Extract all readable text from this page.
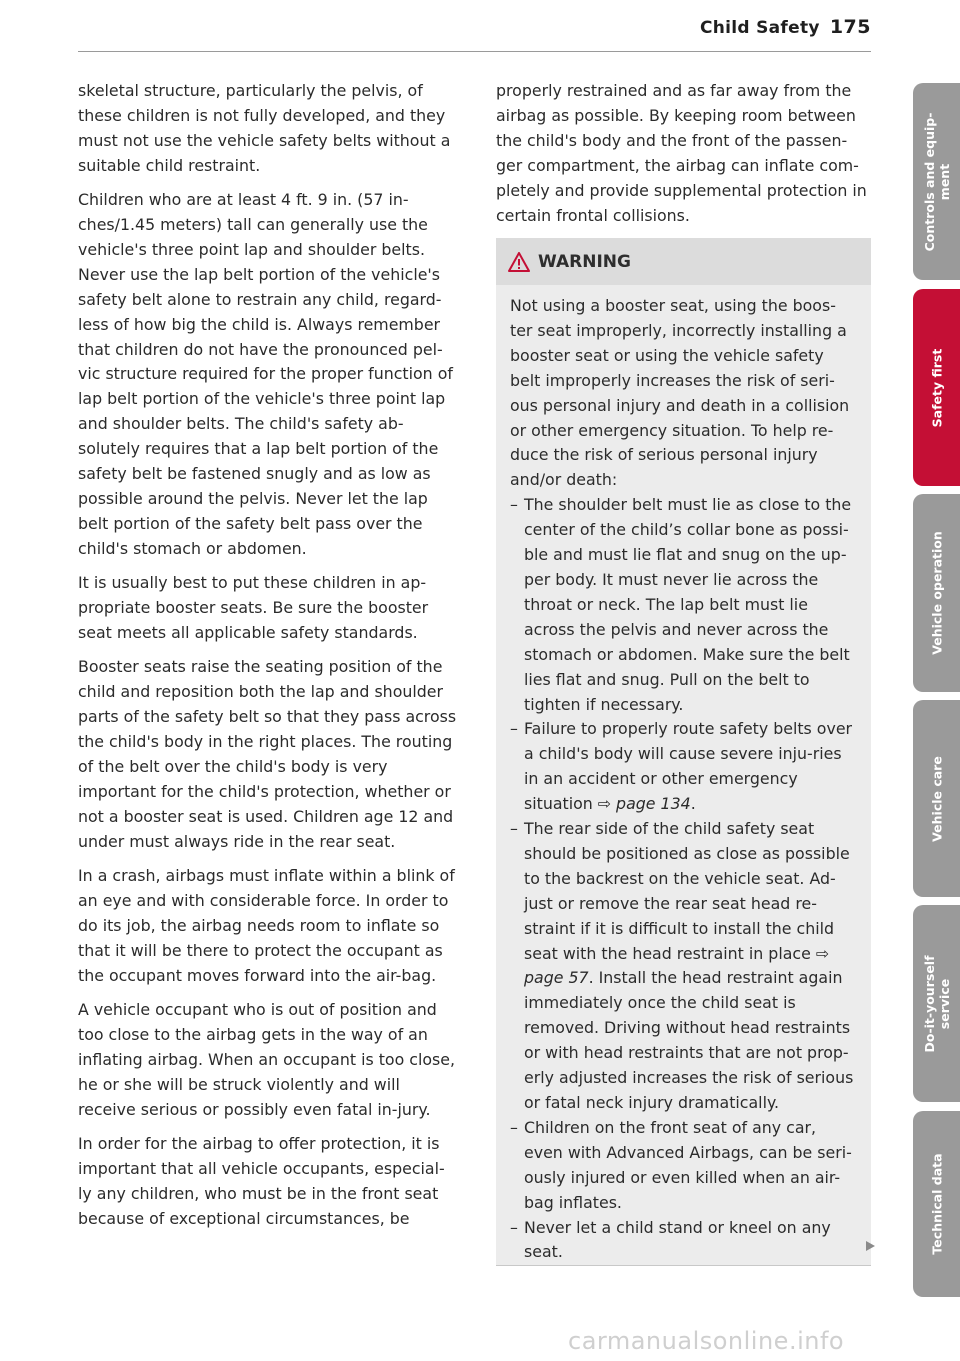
Child Safety 175

skeletal structure, particularly the pelvis, of these children is not fully developed, and they must not use the vehicle safety belts without a suitable child restraint.

Children who are at least 4 ft. 9 in. (57 in-ches/1.45 meters) tall can generally use the vehicle's three point lap and shoulder belts. Never use the lap belt portion of the vehicle's safety belt alone to restrain any child, regard-less of how big the child is. Always remember that children do not have the pronounced pel-vic structure required for the proper function of lap belt portion of the vehicle's three point lap and shoulder belts. The child's safety ab-solutely requires that a lap belt portion of the safety belt be fastened snugly and as low as possible around the pelvis. Never let the lap belt portion of the safety belt pass over the child's stomach or abdomen.

It is usually best to put these children in ap-propriate booster seats. Be sure the booster seat meets all applicable safety standards.

Booster seats raise the seating position of the child and reposition both the lap and shoulder parts of the safety belt so that they pass across the child's body in the right places. The routing of the belt over the child's body is very important for the child's protection, whether or not a booster seat is used. Children age 12 and under must always ride in the rear seat.

In a crash, airbags must inflate within a blink of an eye and with considerable force. In order to do its job, the airbag needs room to inflate so that it will be there to protect the occupant as the occupant moves forward into the air-bag.

A vehicle occupant who is out of position and too close to the airbag gets in the way of an inflating airbag. When an occupant is too close, he or she will be struck violently and will receive serious or possibly even fatal in-jury.

In order for the airbag to offer protection, it is important that all vehicle occupants, especial-ly any children, who must be in the front seat because of exceptional circumstances, be

properly restrained and as far away from the airbag as possible. By keeping room between the child's body and the front of the passen-ger compartment, the airbag can inflate com-pletely and provide supplemental protection in certain frontal collisions.

WARNING

Not using a booster seat, using the boos-ter seat improperly, incorrectly installing a booster seat or using the vehicle safety belt improperly increases the risk of seri-ous personal injury and death in a collision or other emergency situation. To help re-duce the risk of serious personal injury and/or death:

– The shoulder belt must lie as close to the center of the child’s collar bone as possi-ble and must lie flat and snug on the up-per body. It must never lie across the throat or neck. The lap belt must lie across the pelvis and never across the stomach or abdomen. Make sure the belt lies flat and snug. Pull on the belt to tighten if necessary.
– Failure to properly route safety belts over a child's body will cause severe inju-ries in an accident or other emergency situation ⇨ page 134.
– The rear side of the child safety seat should be positioned as close as possible to the backrest on the vehicle seat. Ad-just or remove the rear seat head re-straint if it is difficult to install the child seat with the head restraint in place ⇨ page 57. Install the head restraint again immediately once the child seat is removed. Driving without head restraints or with head restraints that are not prop-erly adjusted increases the risk of serious or fatal neck injury dramatically.
– Children on the front seat of any car, even with Advanced Airbags, can be seri-ously injured or even killed when an air-bag inflates.
– Never let a child stand or kneel on any seat.
Controls and equip-
ment
Safety first
Vehicle operation
Vehicle care
Do-it-yourself
service
Technical data
carmanualsonline.info
